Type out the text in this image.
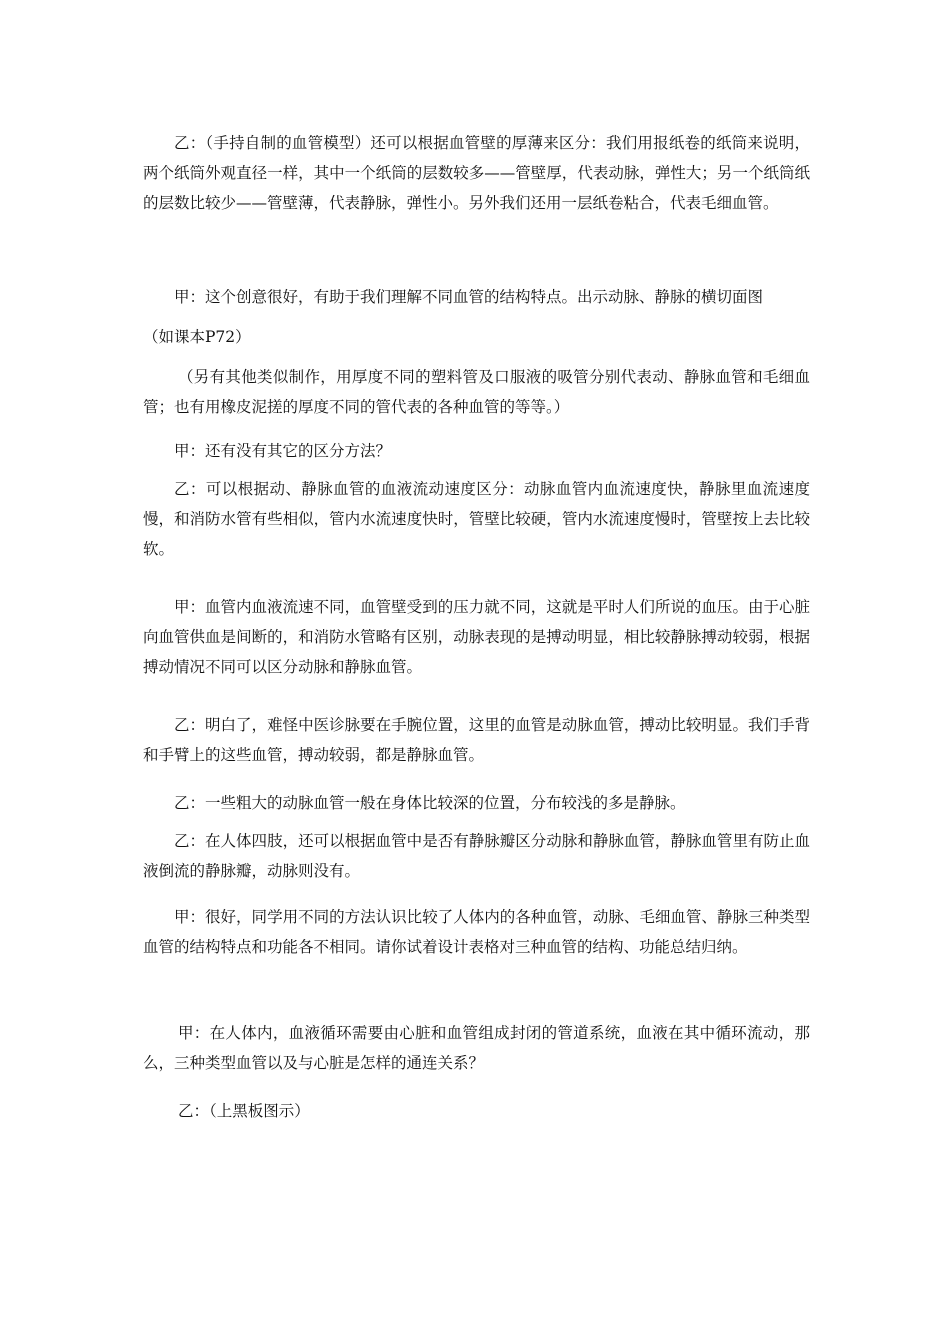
乙：（手持自制的血管模型）还可以根据血管壁的厚薄来区分：我们用报纸卷的纸筒来说明，两个纸筒外观直径一样，其中一个纸筒的层数较多——管壁厚，代表动脉，弹性大；另一个纸筒纸的层数比较少——管壁薄，代表静脉，弹性小。另外我们还用一层纸卷粘合，代表毛细血管。

甲：这个创意很好，有助于我们理解不同血管的结构特点。出示动脉、静脉的横切面图

（如课本P72）

（另有其他类似制作，用厚度不同的塑料管及口服液的吸管分别代表动、静脉血管和毛细血管；也有用橡皮泥搓的厚度不同的管代表的各种血管的等等。）

甲：还有没有其它的区分方法？

乙：可以根据动、静脉血管的血液流动速度区分：动脉血管内血流速度快，静脉里血流速度慢，和消防水管有些相似，管内水流速度快时，管壁比较硬，管内水流速度慢时，管壁按上去比较软。

甲：血管内血液流速不同，血管壁受到的压力就不同，这就是平时人们所说的血压。由于心脏向血管供血是间断的，和消防水管略有区别，动脉表现的是搏动明显，相比较静脉搏动较弱，根据搏动情况不同可以区分动脉和静脉血管。

乙：明白了，难怪中医诊脉要在手腕位置，这里的血管是动脉血管，搏动比较明显。我们手背和手臂上的这些血管，搏动较弱，都是静脉血管。

乙：一些粗大的动脉血管一般在身体比较深的位置，分布较浅的多是静脉。

乙：在人体四肢，还可以根据血管中是否有静脉瓣区分动脉和静脉血管，静脉血管里有防止血液倒流的静脉瓣，动脉则没有。

甲：很好，同学用不同的方法认识比较了人体内的各种血管，动脉、毛细血管、静脉三种类型血管的结构特点和功能各不相同。请你试着设计表格对三种血管的结构、功能总结归纳。

甲：在人体内，血液循环需要由心脏和血管组成封闭的管道系统，血液在其中循环流动，那么，三种类型血管以及与心脏是怎样的通连关系？

乙：（上黑板图示）
